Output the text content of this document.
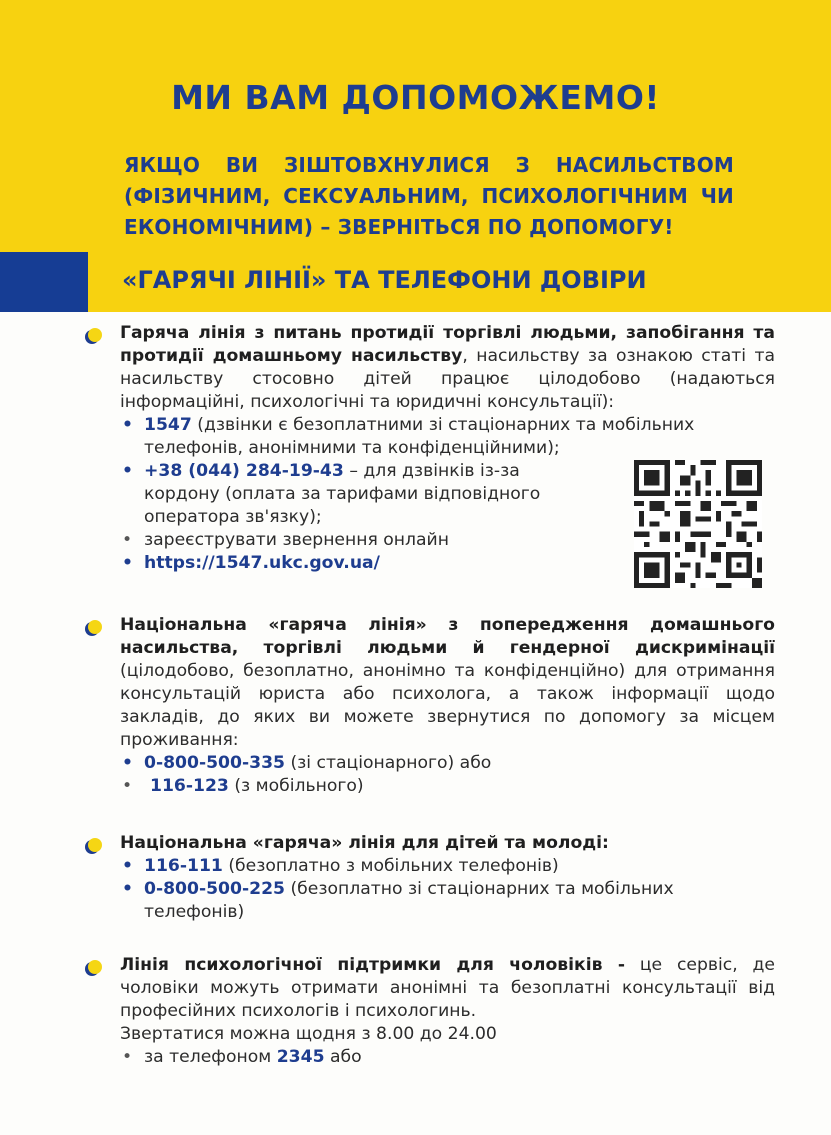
МИ ВАМ ДОПОМОЖЕМО!

ЯКЩО ВИ ЗІШТОВХНУЛИСЯ З НАСИЛЬСТВОМ (ФІЗИЧНИМ, СЕКСУАЛЬНИМ, ПСИХОЛОГІЧНИМ ЧИ ЕКОНОМІЧНИМ) – ЗВЕРНІТЬСЯ ПО ДОПОМОГУ!

«ГАРЯЧІ ЛІНІЇ» ТА ТЕЛЕФОНИ ДОВІРИ

Гаряча лінія з питань протидії торгівлі людьми, запобігання та протидії домашньому насильству, насильству за ознакою статі та насильству стосовно дітей працює цілодобово (надаються інформаційні, психологічні та юридичні консультації):

• 1547 (дзвінки є безоплатними зі стаціонарних та мобільних телефонів, анонімними та конфіденційними);
• +38 (044) 284-19-43 – для дзвінків із-за кордону (оплата за тарифами відповідного оператора зв'язку);
• зареєструвати звернення онлайн
• https://1547.ukc.gov.ua/

Національна «гаряча лінія» з попередження домашнього насильства, торгівлі людьми й гендерної дискримінації (цілодобово, безоплатно, анонімно та конфіденційно) для отримання консультацій юриста або психолога, а також інформації щодо закладів, до яких ви можете звернутися по допомогу за місцем проживання:

• 0-800-500-335 (зі стаціонарного) або
• 116-123 (з мобільного)

Національна «гаряча» лінія для дітей та молоді:

• 116-111 (безоплатно з мобільних телефонів)
• 0-800-500-225 (безоплатно зі стаціонарних та мобільних телефонів)

Лінія психологічної підтримки для чоловіків - це сервіс, де чоловіки можуть отримати анонімні та безоплатні консультації від професійних психологів і психологинь.

Звертатися можна щодня з 8.00 до 24.00

• за телефоном 2345 або
